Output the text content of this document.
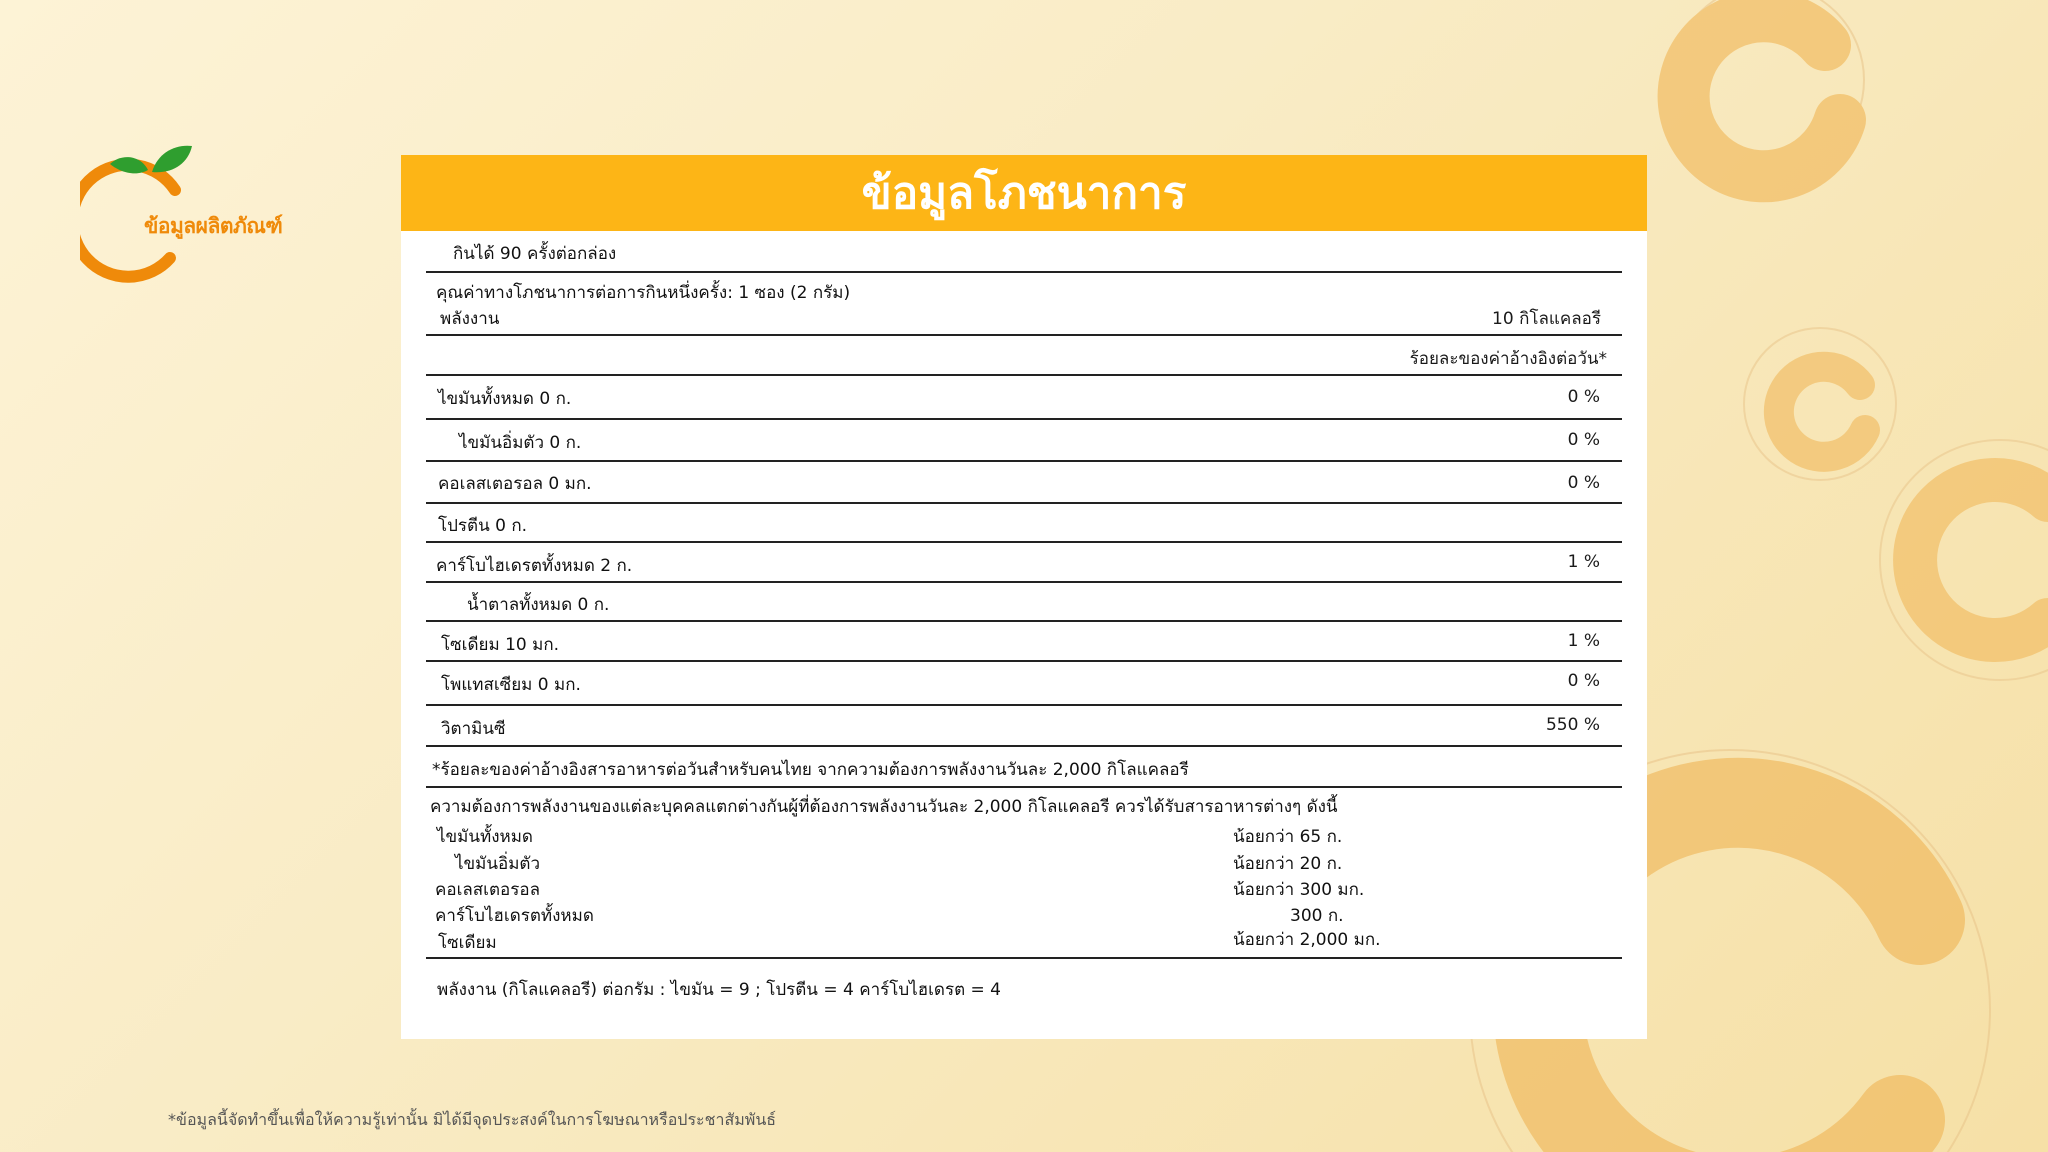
ข้อมูลผลิตภัณฑ์
ข้อมูลโภชนาการ
กินได้ 90 ครั้งต่อกล่อง
คุณค่าทางโภชนาการต่อการกินหนึ่งครั้ง: 1 ซอง (2 กรัม)
พลังงาน	10 กิโลแคลอรี
ร้อยละของค่าอ้างอิงต่อวัน*
ไขมันทั้งหมด 0 ก.	0 %
ไขมันอิ่มตัว 0 ก.	0 %
คอเลสเตอรอล 0 มก.	0 %
โปรตีน 0 ก.
คาร์โบไฮเดรตทั้งหมด 2 ก.	1 %
น้ำตาลทั้งหมด 0 ก.
โซเดียม 10 มก.	1 %
โพแทสเซียม 0 มก.	0 %
วิตามินซี	550 %
*ร้อยละของค่าอ้างอิงสารอาหารต่อวันสำหรับคนไทย จากความต้องการพลังงานวันละ 2,000 กิโลแคลอรี
ความต้องการพลังงานของแต่ละบุคคลแตกต่างกันผู้ที่ต้องการพลังงานวันละ 2,000 กิโลแคลอรี ควรได้รับสารอาหารต่างๆ ดังนี้
ไขมันทั้งหมด	น้อยกว่า 65 ก.
ไขมันอิ่มตัว	น้อยกว่า 20 ก.
คอเลสเตอรอล	น้อยกว่า 300 มก.
คาร์โบไฮเดรตทั้งหมด	300 ก.
โซเดียม	น้อยกว่า 2,000 มก.
พลังงาน (กิโลแคลอรี) ต่อกรัม : ไขมัน = 9 ; โปรตีน = 4 คาร์โบไฮเดรต = 4
*ข้อมูลนี้จัดทำขึ้นเพื่อให้ความรู้เท่านั้น มิได้มีจุดประสงค์ในการโฆษณาหรือประชาสัมพันธ์
